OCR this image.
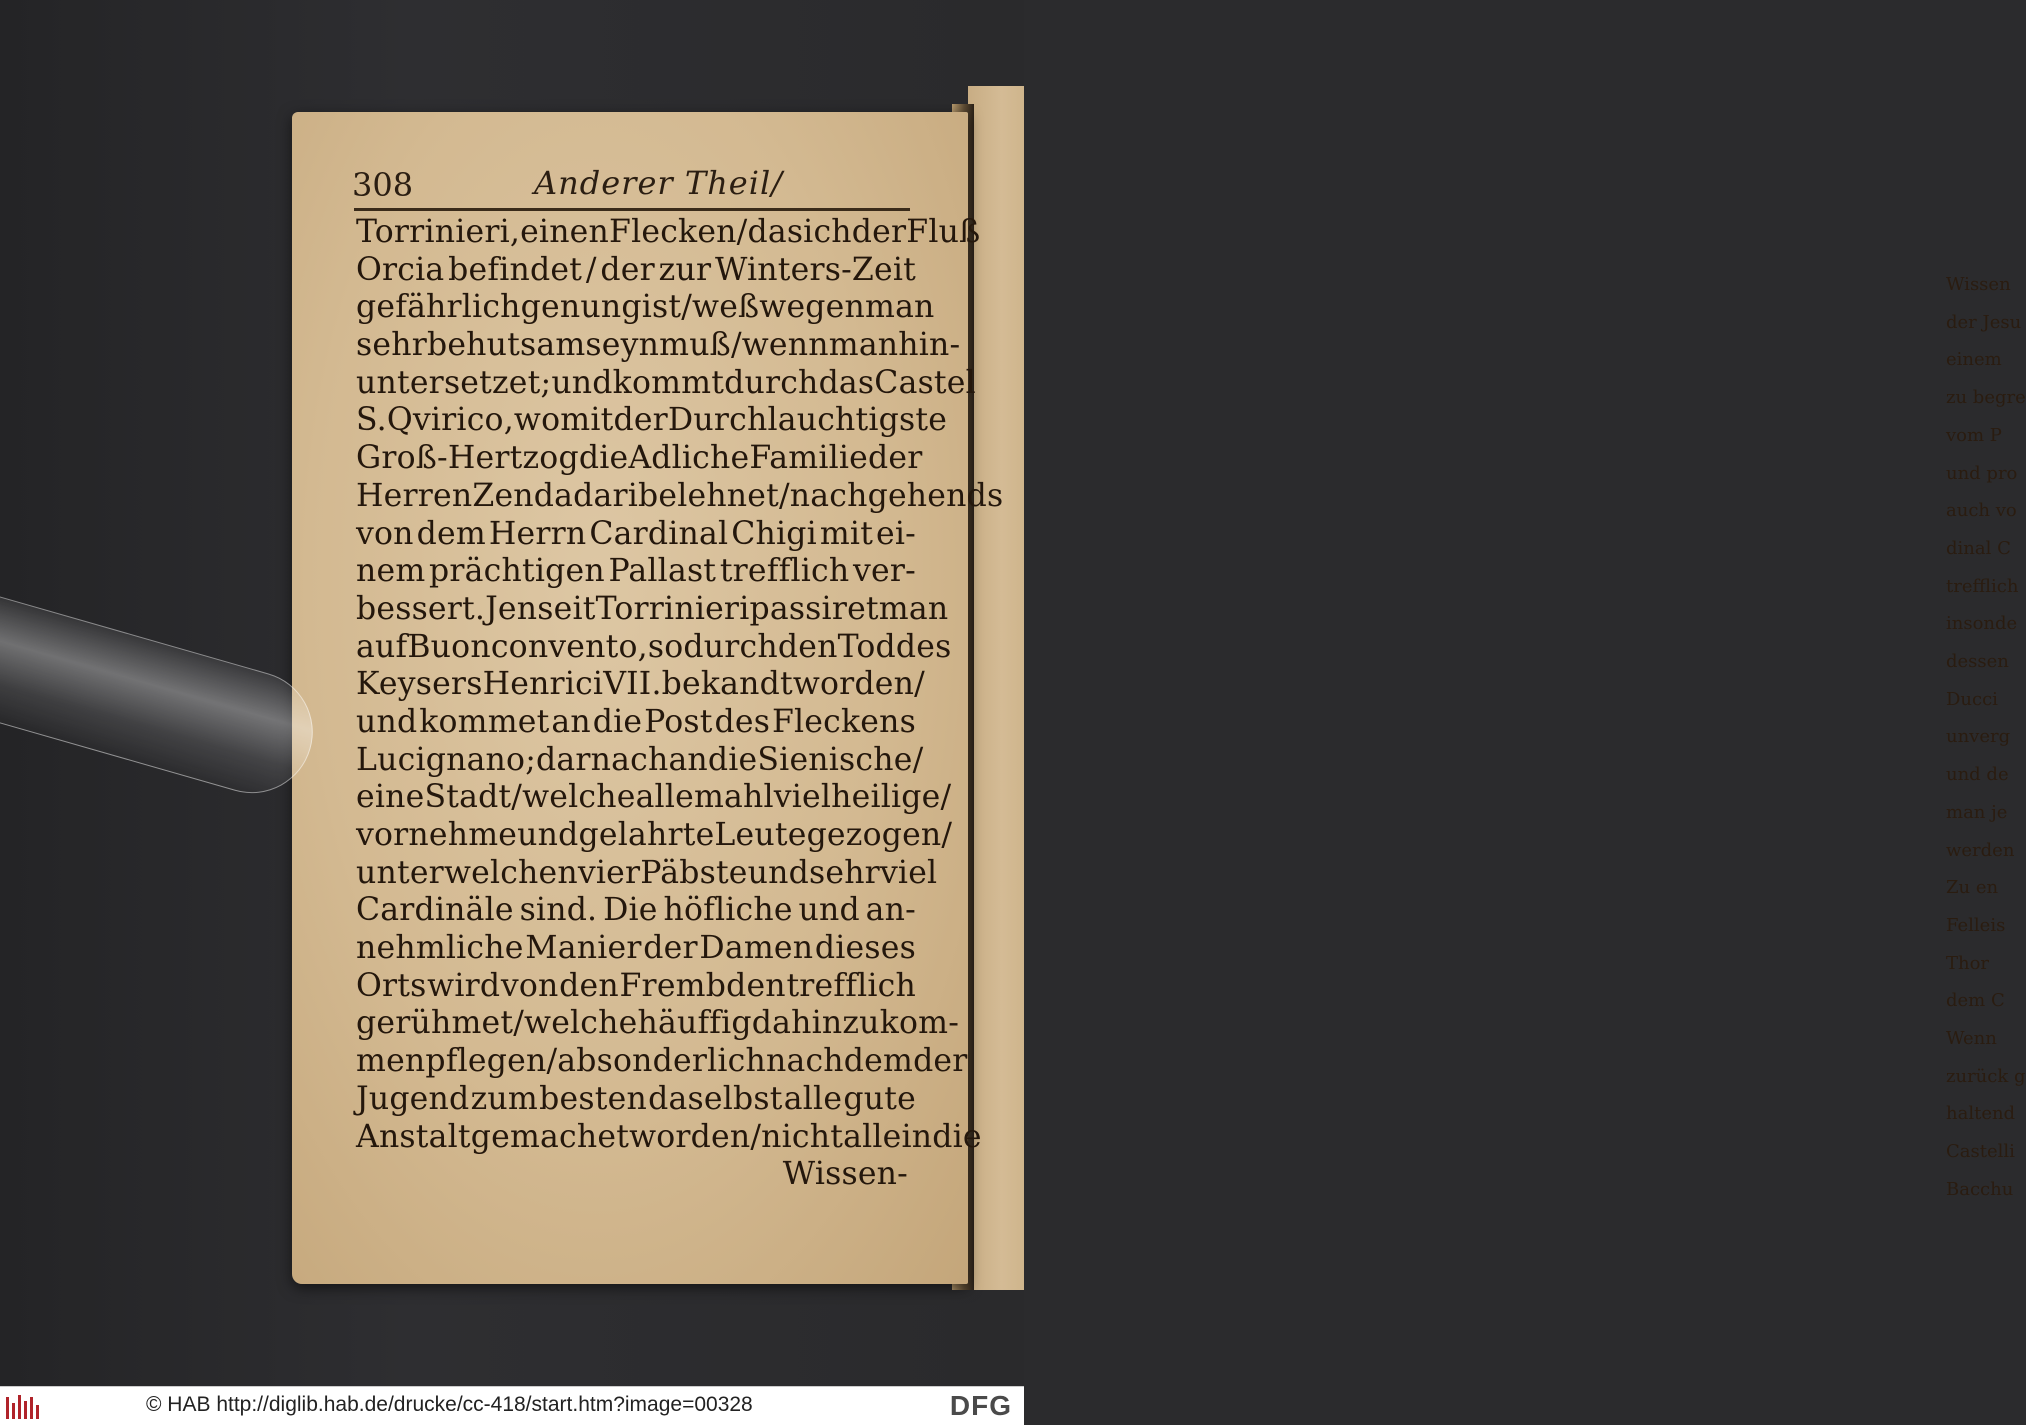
Wissen
der Jesu
einem
zu begre
vom P
und pro
auch vo
dinal C
trefflich
insonde
dessen
Ducci
unverg
und de
man je
werden
Zu en
Felleis
Thor
dem C
Wenn
zurück g
haltend
Castelli
Bacchu
308	Anderer Theil/
Torrinieri, einen Flecken/da sich der Fluß
Orcia befindet / der zur Winters-Zeit
gefährlich genung ist / weßwegen man
sehr behutsam seyn muß / wenn man hin-
unter setzet; und kommt durch das Castel
S. Qvirico, womit der Durchlauchtigste
Groß-Hertzog die Adliche Familie der
Herren Zendadari belehnet/nachgehends
von dem Herrn Cardinal Chigi mit ei-
nem prächtigen Pallast trefflich ver-
bessert. Jenseit Torrinieri passiret man
auf Buonconvento, so durch den Tod des
Keysers Henrici VII. bekandt worden/
und kommet an die Post des Fleckens
Lucignano; darnach an die Sienische/
eine Stadt/ welche alle mahl viel heilige/
vornehme und gelahrte Leute gezogen/
unter welchen vier Päbste und sehr viel
Cardinäle sind. Die höfliche und an-
nehmliche Manier der Damen dieses
Orts wird von den Frembden trefflich
gerühmet/ welche häuffig dahin zu kom-
men pflegen/ absonderlich nachdem der
Jugend zum besten daselbst alle gute
Anstalt gemachet worden/ nicht allein die
Wissen-
© HAB http://diglib.hab.de/drucke/cc-418/start.htm?image=00328	DFG
